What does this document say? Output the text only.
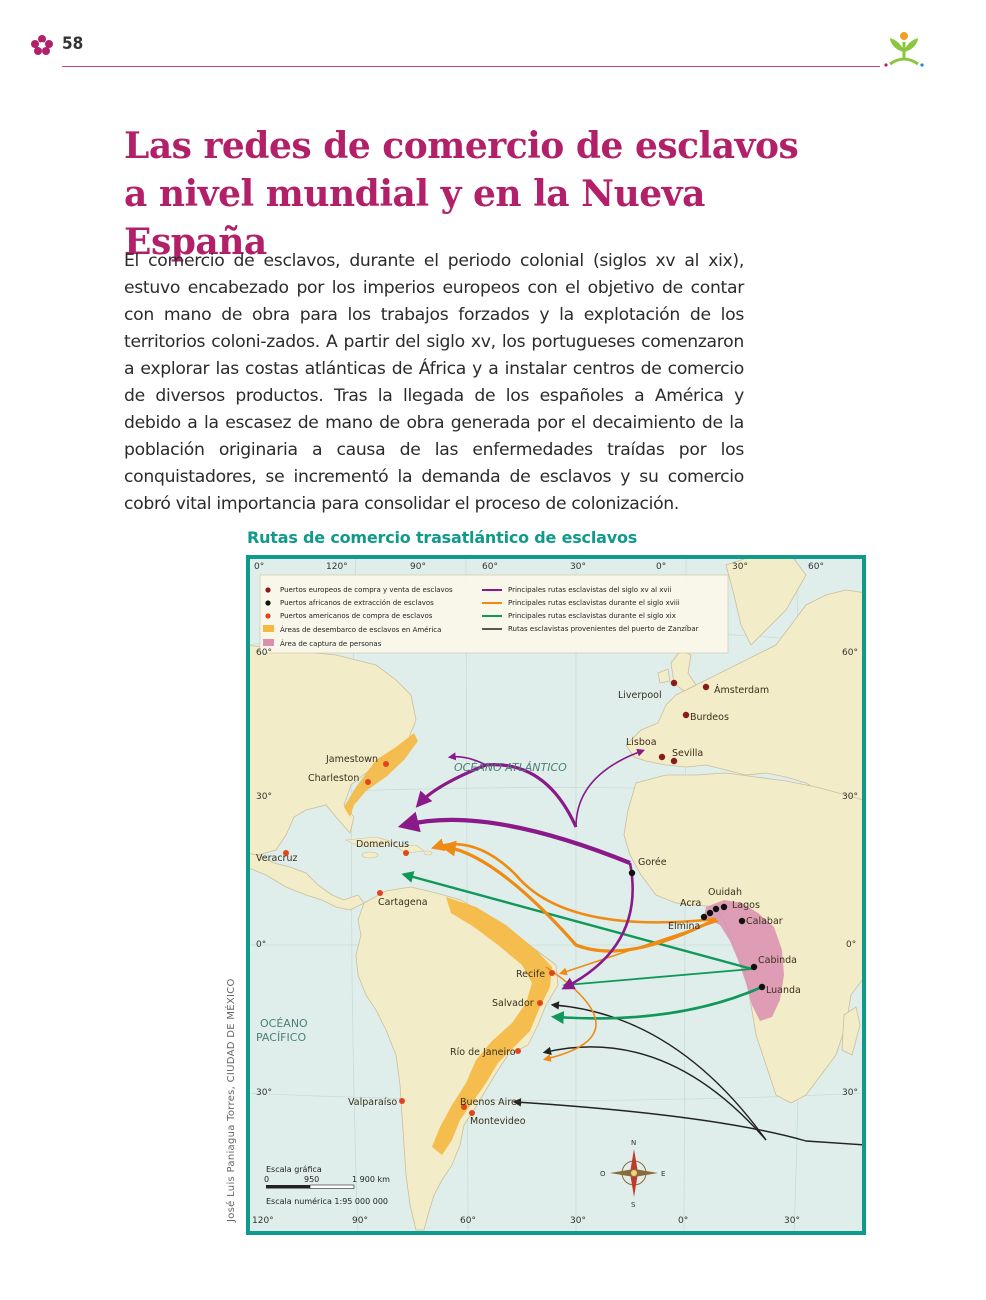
58
Las redes de comercio de esclavos a nivel mundial y en la Nueva España

El comercio de esclavos, durante el periodo colonial (siglos xv al xix), estuvo encabezado por los imperios europeos con el objetivo de contar con mano de obra para los trabajos forzados y la explotación de los territorios coloni-zados. A partir del siglo xv, los portugueses comenzaron a explorar las costas atlánticas de África y a instalar centros de comercio de diversos productos. Tras la llegada de los españoles a América y debido a la escasez de mano de obra generada por el decaimiento de la población originaria a causa de las enfermedades traídas por los conquistadores, se incrementó la demanda de esclavos y su comercio cobró vital importancia para consolidar el proceso de colonización.

Rutas de comercio trasatlántico de esclavos
José Luis Paniagua Torres, CIUDAD DE MÉXICO
Liverpool	Ámsterdam
Burdeos
Lisboa
Sevilla
Jamestown
Charleston
Veracruz
Domenicus
Cartagena
Gorée
Ouidah
Acra	Lagos
Elmina	Calabar
Cabinda
Luanda
Recife
Salvador
Río de Janeiro
Valparaíso	Buenos Aires
Montevideo
OCÉANO ATLÁNTICO
OCÉANO
PACÍFICO
Puertos europeos de compra y venta de esclavos
Puertos africanos de extracción de esclavos
Puertos americanos de compra de esclavos
Áreas de desembarco de esclavos en América
Área de captura de personas
Principales rutas esclavistas del siglo xv al xvii
Principales rutas esclavistas durante el siglo xviii
Principales rutas esclavistas durante el siglo xix
Rutas esclavistas provenientes del puerto de Zanzíbar
0°	120°	90°	60°	30°	0°	30°	60°
120°	90°	60°	30°	0°	30°
60°
30°
0°
30°
60°
30°
0°
30°
Escala gráfica
0	950	1 900 km
Escala numérica 1:95 000 000
N
S
E
O
